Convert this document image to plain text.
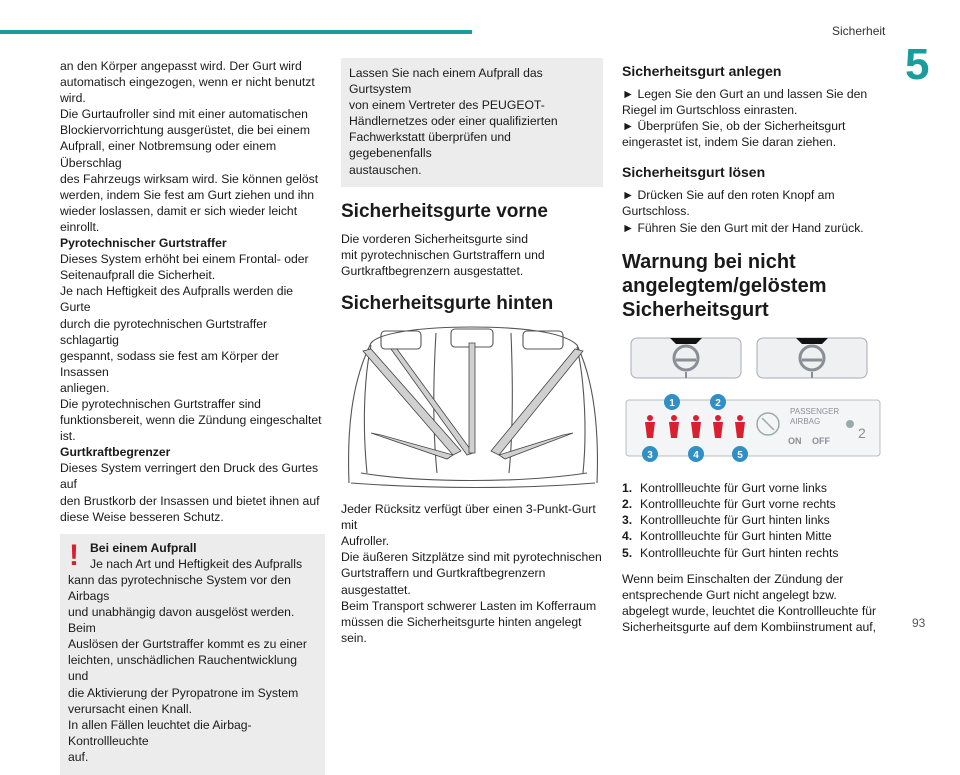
Sicherheit
5

an den Körper angepasst wird. Der Gurt wird

automatisch eingezogen, wenn er nicht benutzt wird.

Die Gurtaufroller sind mit einer automatischen

Blockiervorrichtung ausgerüstet, die bei einem

Aufprall, einer Notbremsung oder einem Überschlag

des Fahrzeugs wirksam wird. Sie können gelöst

werden, indem Sie fest am Gurt ziehen und ihn

wieder loslassen, damit er sich wieder leicht einrollt.

Pyrotechnischer Gurtstraffer

Dieses System erhöht bei einem Frontal- oder

Seitenaufprall die Sicherheit.

Je nach Heftigkeit des Aufpralls werden die Gurte

durch die pyrotechnischen Gurtstraffer schlagartig

gespannt, sodass sie fest am Körper der Insassen

anliegen.

Die pyrotechnischen Gurtstraffer sind

funktionsbereit, wenn die Zündung eingeschaltet ist.

Gurtkraftbegrenzer

Dieses System verringert den Druck des Gurtes auf

den Brustkorb der Insassen und bietet ihnen auf

diese Weise besseren Schutz.

! Bei einem Aufprall

Je nach Art und Heftigkeit des Aufpralls

kann das pyrotechnische System vor den Airbags

und unabhängig davon ausgelöst werden. Beim

Auslösen der Gurtstraffer kommt es zu einer

leichten, unschädlichen Rauchentwicklung und

die Aktivierung der Pyropatrone im System

verursacht einen Knall.

In allen Fällen leuchtet die Airbag-Kontrollleuchte

auf.

Lassen Sie nach einem Aufprall das Gurtsystem

von einem Vertreter des PEUGEOT-

Händlernetzes oder einer qualifizierten

Fachwerkstatt überprüfen und gegebenenfalls

austauschen.

Sicherheitsgurte vorne

Die vorderen Sicherheitsgurte sind

mit pyrotechnischen Gurtstraffern und

Gurtkraftbegrenzern ausgestattet.

Sicherheitsgurte hinten

Jeder Rücksitz verfügt über einen 3-Punkt-Gurt mit

Aufroller.

Die äußeren Sitzplätze sind mit pyrotechnischen

Gurtstraffern und Gurtkraftbegrenzern ausgestattet.

Beim Transport schwerer Lasten im Kofferraum

müssen die Sicherheitsgurte hinten angelegt sein.

Sicherheitsgurt anlegen

► Legen Sie den Gurt an und lassen Sie den

Riegel im Gurtschloss einrasten.

► Überprüfen Sie, ob der Sicherheitsgurt

eingerastet ist, indem Sie daran ziehen.

Sicherheitsgurt lösen

► Drücken Sie auf den roten Knopf am

Gurtschloss.

► Führen Sie den Gurt mit der Hand zurück.

Warnung bei nicht
angelegtem/gelöstem
Sicherheitsgurt
PASSENGER
AIRBAG
ON OFF 2
1	2
3	4	5

1. Kontrollleuchte für Gurt vorne links

2. Kontrollleuchte für Gurt vorne rechts

3. Kontrollleuchte für Gurt hinten links

4. Kontrollleuchte für Gurt hinten Mitte

5. Kontrollleuchte für Gurt hinten rechts

Wenn beim Einschalten der Zündung der

entsprechende Gurt nicht angelegt bzw.

abgelegt wurde, leuchtet die Kontrollleuchte für

Sicherheitsgurte auf dem Kombiinstrument auf,	93
